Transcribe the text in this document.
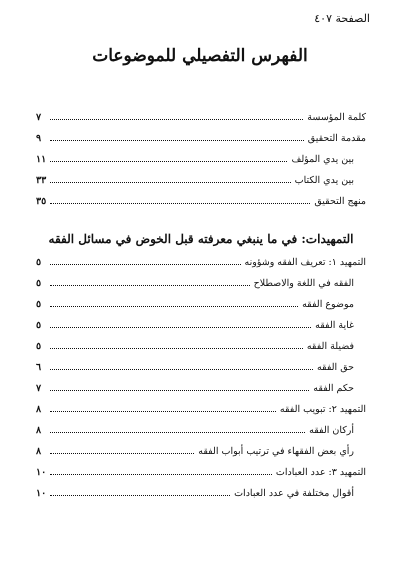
الصفحة ٤٠٧
الفهرس التفصيلي للموضوعات
كلمة المؤسسة
٧
مقدمة التحقيق
٩
بين يدي المؤلف
١١
بين يدي الكتاب
٣٣
منهج التحقيق
٣٥
التمهيدات: في ما ينبغي معرفته قبل الخوض في مسائل الفقه
التمهيد ١: تعريف الفقه وشؤونه
٥
الفقه في اللغة والاصطلاح
٥
موضوع الفقه
٥
غاية الفقه
٥
فضيلة الفقه
٥
حق الفقه
٦
حكم الفقه
٧
التمهيد ٢: تبويب الفقه
٨
أركان الفقه
٨
رأي بعض الفقهاء في ترتيب أبواب الفقه
٨
التمهيد ٣: عدد العبادات
١٠
أقوال مختلفة في عدد العبادات
١٠
